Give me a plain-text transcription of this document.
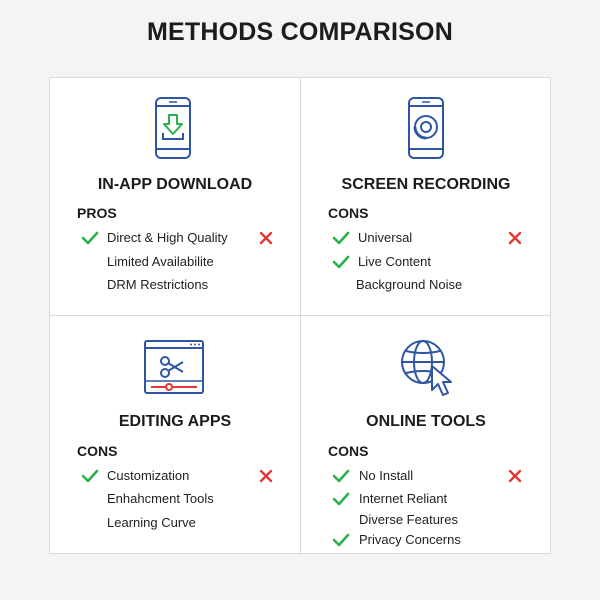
METHODS COMPARISON
IN-APP DOWNLOAD
PROS
Direct & High Quality
Limited Availabilite
DRM Restrictions
SCREEN RECORDING
CONS
Universal
Live Content
Background Noise
EDITING APPS
CONS
Customization
Enhahcment Tools
Learning Curve
ONLINE TOOLS
CONS
No Install
Internet Reliant
Diverse Features
Privacy Concerns
